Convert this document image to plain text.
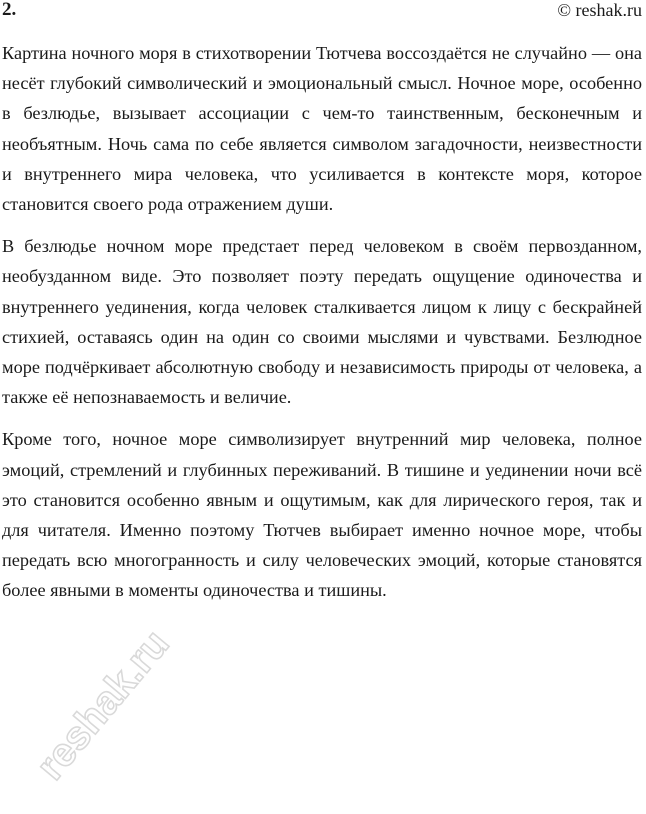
2.	© reshak.ru

Картина ночного моря в стихотворении Тютчева воссоздаётся не случайно — она несёт глубокий символический и эмоциональный смысл. Ночное море, особенно в безлюдье, вызывает ассоциации с чем-то таинственным, бесконечным и необъятным. Ночь сама по себе является символом загадочности, неизвестности и внутреннего мира человека, что усиливается в контексте моря, которое становится своего рода отражением души.

В безлюдье ночном море предстает перед человеком в своём первозданном, необузданном виде. Это позволяет поэту передать ощущение одиночества и внутреннего уединения, когда человек сталкивается лицом к лицу с бескрайней стихией, оставаясь один на один со своими мыслями и чувствами. Безлюдное море подчёркивает абсолютную свободу и независимость природы от человека, а также её непознаваемость и величие.

Кроме того, ночное море символизирует внутренний мир человека, полное эмоций, стремлений и глубинных переживаний. В тишине и уединении ночи всё это становится особенно явным и ощутимым, как для лирического героя, так и для читателя. Именно поэтому Тютчев выбирает именно ночное море, чтобы передать всю многогранность и силу человеческих эмоций, которые становятся более явными в моменты одиночества и тишины.

reshak.ru
